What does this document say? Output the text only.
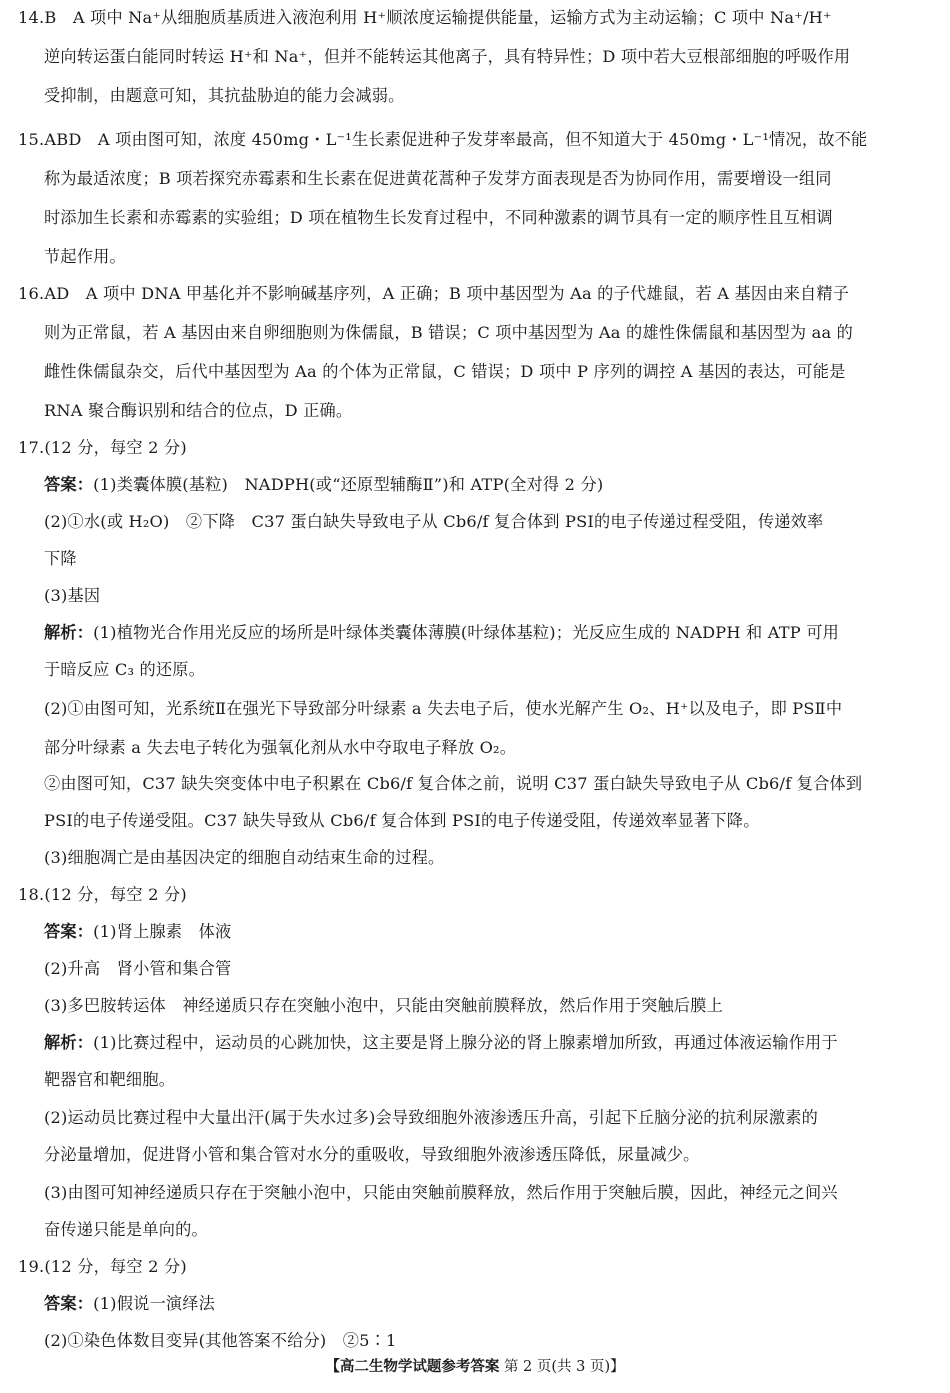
14.B　A 项中 Na⁺从细胞质基质进入液泡利用 H⁺顺浓度运输提供能量，运输方式为主动运输；C 项中 Na⁺/H⁺
逆向转运蛋白能同时转运 H⁺和 Na⁺，但并不能转运其他离子，具有特异性；D 项中若大豆根部细胞的呼吸作用
受抑制，由题意可知，其抗盐胁迫的能力会减弱。
15.ABD　A 项由图可知，浓度 450mg・L⁻¹生长素促进种子发芽率最高，但不知道大于 450mg・L⁻¹情况，故不能
称为最适浓度；B 项若探究赤霉素和生长素在促进黄花蒿种子发芽方面表现是否为协同作用，需要增设一组同
时添加生长素和赤霉素的实验组；D 项在植物生长发育过程中，不同种激素的调节具有一定的顺序性且互相调
节起作用。
16.AD　A 项中 DNA 甲基化并不影响碱基序列，A 正确；B 项中基因型为 Aa 的子代雄鼠，若 A 基因由来自精子
则为正常鼠，若 A 基因由来自卵细胞则为侏儒鼠，B 错误；C 项中基因型为 Aa 的雄性侏儒鼠和基因型为 aa 的
雌性侏儒鼠杂交，后代中基因型为 Aa 的个体为正常鼠，C 错误；D 项中 P 序列的调控 A 基因的表达，可能是
RNA 聚合酶识别和结合的位点，D 正确。
17.(12 分，每空 2 分)
答案：(1)类囊体膜(基粒)　NADPH(或“还原型辅酶Ⅱ”)和 ATP(全对得 2 分)
(2)①水(或 H₂O)　②下降　C37 蛋白缺失导致电子从 Cb6/f 复合体到 PSⅠ的电子传递过程受阻，传递效率
下降
(3)基因
解析：(1)植物光合作用光反应的场所是叶绿体类囊体薄膜(叶绿体基粒)；光反应生成的 NADPH 和 ATP 可用
于暗反应 C₃ 的还原。
(2)①由图可知，光系统Ⅱ在强光下导致部分叶绿素 a 失去电子后，使水光解产生 O₂、H⁺以及电子，即 PSⅡ中
部分叶绿素 a 失去电子转化为强氧化剂从水中夺取电子释放 O₂。
②由图可知，C37 缺失突变体中电子积累在 Cb6/f 复合体之前，说明 C37 蛋白缺失导致电子从 Cb6/f 复合体到
PSⅠ的电子传递受阻。C37 缺失导致从 Cb6/f 复合体到 PSⅠ的电子传递受阻，传递效率显著下降。
(3)细胞凋亡是由基因决定的细胞自动结束生命的过程。
18.(12 分，每空 2 分)
答案：(1)肾上腺素　体液
(2)升高　肾小管和集合管
(3)多巴胺转运体　神经递质只存在突触小泡中，只能由突触前膜释放，然后作用于突触后膜上
解析：(1)比赛过程中，运动员的心跳加快，这主要是肾上腺分泌的肾上腺素增加所致，再通过体液运输作用于
靶器官和靶细胞。
(2)运动员比赛过程中大量出汗(属于失水过多)会导致细胞外液渗透压升高，引起下丘脑分泌的抗利尿激素的
分泌量增加，促进肾小管和集合管对水分的重吸收，导致细胞外液渗透压降低，尿量减少。
(3)由图可知神经递质只存在于突触小泡中，只能由突触前膜释放，然后作用于突触后膜，因此，神经元之间兴
奋传递只能是单向的。
19.(12 分，每空 2 分)
答案：(1)假说一演绎法
(2)①染色体数目变异(其他答案不给分)　②5∶1
【高二生物学试题参考答案 第 2 页(共 3 页)】
